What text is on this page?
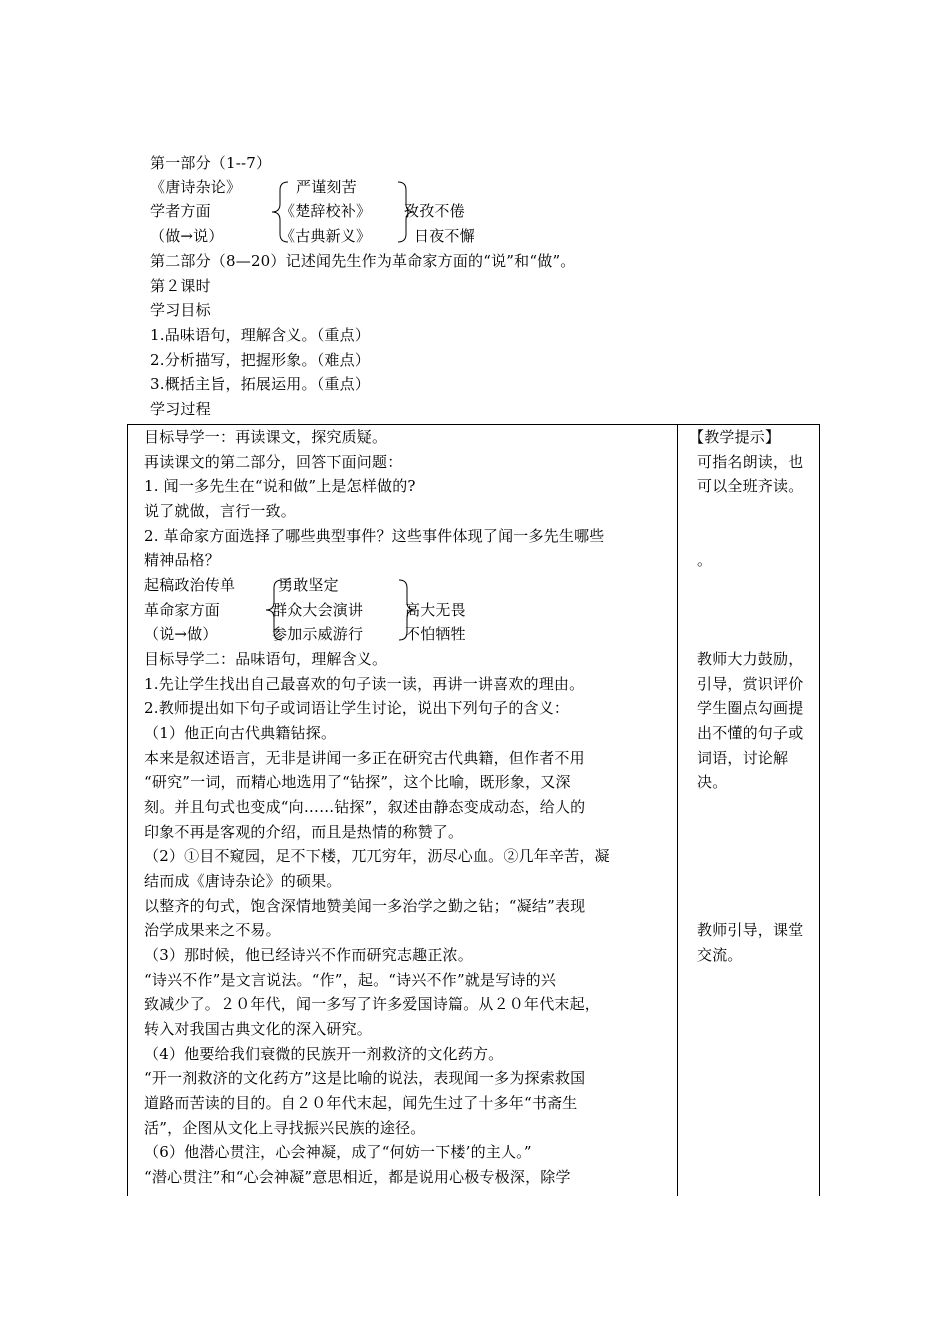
第一部分（1--7）
《唐诗杂论》
学者方面
（做→说）
严谨刻苦
《楚辞校补》
《古典新义》
孜孜不倦
日夜不懈
第二部分（8—20）记述闻先生作为革命家方面的“说”和“做”。
第２课时
学习目标
1.品味语句，理解含义。（重点）
2.分析描写，把握形象。（难点）
3.概括主旨，拓展运用。（重点）
学习过程
目标导学一：再读课文，探究质疑。
再读课文的第二部分，回答下面问题：
1. 闻一多先生在“说和做”上是怎样做的?
说了就做，言行一致。
2. 革命家方面选择了哪些典型事件？这些事件体现了闻一多先生哪些
精神品格？
起稿政治传单
革命家方面
（说→做）
勇敢坚定
群众大会演讲
参加示威游行
高大无畏
不怕牺牲
目标导学二：品味语句，理解含义。
1.先让学生找出自己最喜欢的句子读一读，再讲一讲喜欢的理由。
2.教师提出如下句子或词语让学生讨论，说出下列句子的含义：
（1）他正向古代典籍钻探。
本来是叙述语言，无非是讲闻一多正在研究古代典籍，但作者不用
“研究”一词，而精心地选用了“钻探”，这个比喻，既形象，又深
刻。并且句式也变成“向……钻探”，叙述由静态变成动态，给人的
印象不再是客观的介绍，而且是热情的称赞了。
（2）①目不窥园，足不下楼，兀兀穷年，沥尽心血。②几年辛苦，凝
结而成《唐诗杂论》的硕果。
以整齐的句式，饱含深情地赞美闻一多治学之勤之钻；“凝结”表现
治学成果来之不易。
（3）那时候，他已经诗兴不作而研究志趣正浓。
“诗兴不作”是文言说法。“作”，起。“诗兴不作”就是写诗的兴
致减少了。２０年代，闻一多写了许多爱国诗篇。从２０年代末起，
转入对我国古典文化的深入研究。
（4）他要给我们衰微的民族开一剂救济的文化药方。
“开一剂救济的文化药方”这是比喻的说法，表现闻一多为探索救国
道路而苦读的目的。自２０年代末起，闻先生过了十多年“书斋生
活”，企图从文化上寻找振兴民族的途径。
（6）他潜心贯注，心会神凝，成了“何妨一下楼’的主人。”
“潜心贯注”和“心会神凝”意思相近，都是说用心极专极深，除学
【教学提示】
可指名朗读，也
可以全班齐读。
。
教师大力鼓励，
引导，赏识评价
学生圈点勾画提
出不懂的句子或
词语，讨论解
决。
教师引导，课堂
交流。
